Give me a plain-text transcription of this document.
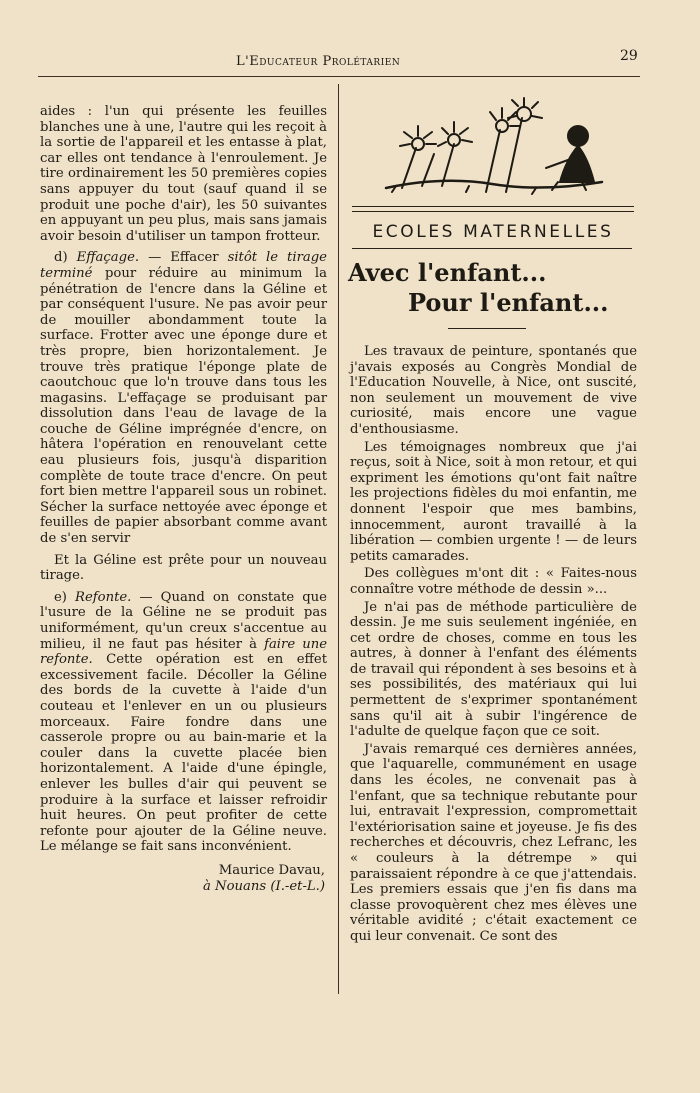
L'Educateur Prolétarien	29

aides : l'un qui présente les feuilles blanches une à une, l'autre qui les reçoit à la sortie de l'appareil et les entasse à plat, car elles ont tendance à l'enroulement. Je tire ordinairement les 50 premières copies sans appuyer du tout (sauf quand il se produit une poche d'air), les 50 suivantes en appuyant un peu plus, mais sans jamais avoir besoin d'utiliser un tampon frotteur.

d) Effaçage. — Effacer sitôt le tirage terminé pour réduire au minimum la pénétration de l'encre dans la Géline et par conséquent l'usure. Ne pas avoir peur de mouiller abondamment toute la surface. Frotter avec une éponge dure et très propre, bien horizontalement. Je trouve très pratique l'éponge plate de caoutchouc que lo'n trouve dans tous les magasins. L'effaçage se produisant par dissolution dans l'eau de lavage de la couche de Géline imprégnée d'encre, on hâtera l'opération en renouvelant cette eau plusieurs fois, jusqu'à disparition complète de toute trace d'encre. On peut fort bien mettre l'appareil sous un robinet. Sécher la surface nettoyée avec éponge et feuilles de papier absorbant comme avant de s'en servir

Et la Géline est prête pour un nouveau tirage.

e) Refonte. — Quand on constate que l'usure de la Géline ne se produit pas uniformément, qu'un creux s'accentue au milieu, il ne faut pas hésiter à faire une refonte. Cette opération est en effet excessivement facile. Décoller la Géline des bords de la cuvette à l'aide d'un couteau et l'enlever en un ou plusieurs morceaux. Faire fondre dans une casserole propre ou au bain-marie et la couler dans la cuvette placée bien horizontalement. A l'aide d'une épingle, enlever les bulles d'air qui peuvent se produire à la surface et laisser refroidir huit heures. On peut profiter de cette refonte pour ajouter de la Géline neuve. Le mélange se fait sans inconvénient.

Maurice Davau,
à Nouans (I.-et-L.)
ECOLES MATERNELLES
Avec l'enfant...
Pour l'enfant...

Les travaux de peinture, spontanés que j'avais exposés au Congrès Mondial de l'Education Nouvelle, à Nice, ont suscité, non seulement un mouvement de vive curiosité, mais encore une vague d'enthousiasme.

Les témoignages nombreux que j'ai reçus, soit à Nice, soit à mon retour, et qui expriment les émotions qu'ont fait naître les projections fidèles du moi enfantin, me donnent l'espoir que mes bambins, innocemment, auront travaillé à la libération — combien urgente ! — de leurs petits camarades.

Des collègues m'ont dit : « Faites-nous connaître votre méthode de dessin »...

Je n'ai pas de méthode particulière de dessin. Je me suis seulement ingéniée, en cet ordre de choses, comme en tous les autres, à donner à l'enfant des éléments de travail qui répondent à ses besoins et à ses possibilités, des matériaux qui lui permettent de s'exprimer spontanément sans qu'il ait à subir l'ingérence de l'adulte de quelque façon que ce soit.

J'avais remarqué ces dernières années, que l'aquarelle, communément en usage dans les écoles, ne convenait pas à l'enfant, que sa technique rebutante pour lui, entravait l'expression, compromettait l'extériorisation saine et joyeuse. Je fis des recherches et découvris, chez Lefranc, les « couleurs à la détrempe » qui paraissaient répondre à ce que j'attendais. Les premiers essais que j'en fis dans ma classe provoquèrent chez mes élèves une véritable avidité ; c'était exactement ce qui leur convenait. Ce sont des
